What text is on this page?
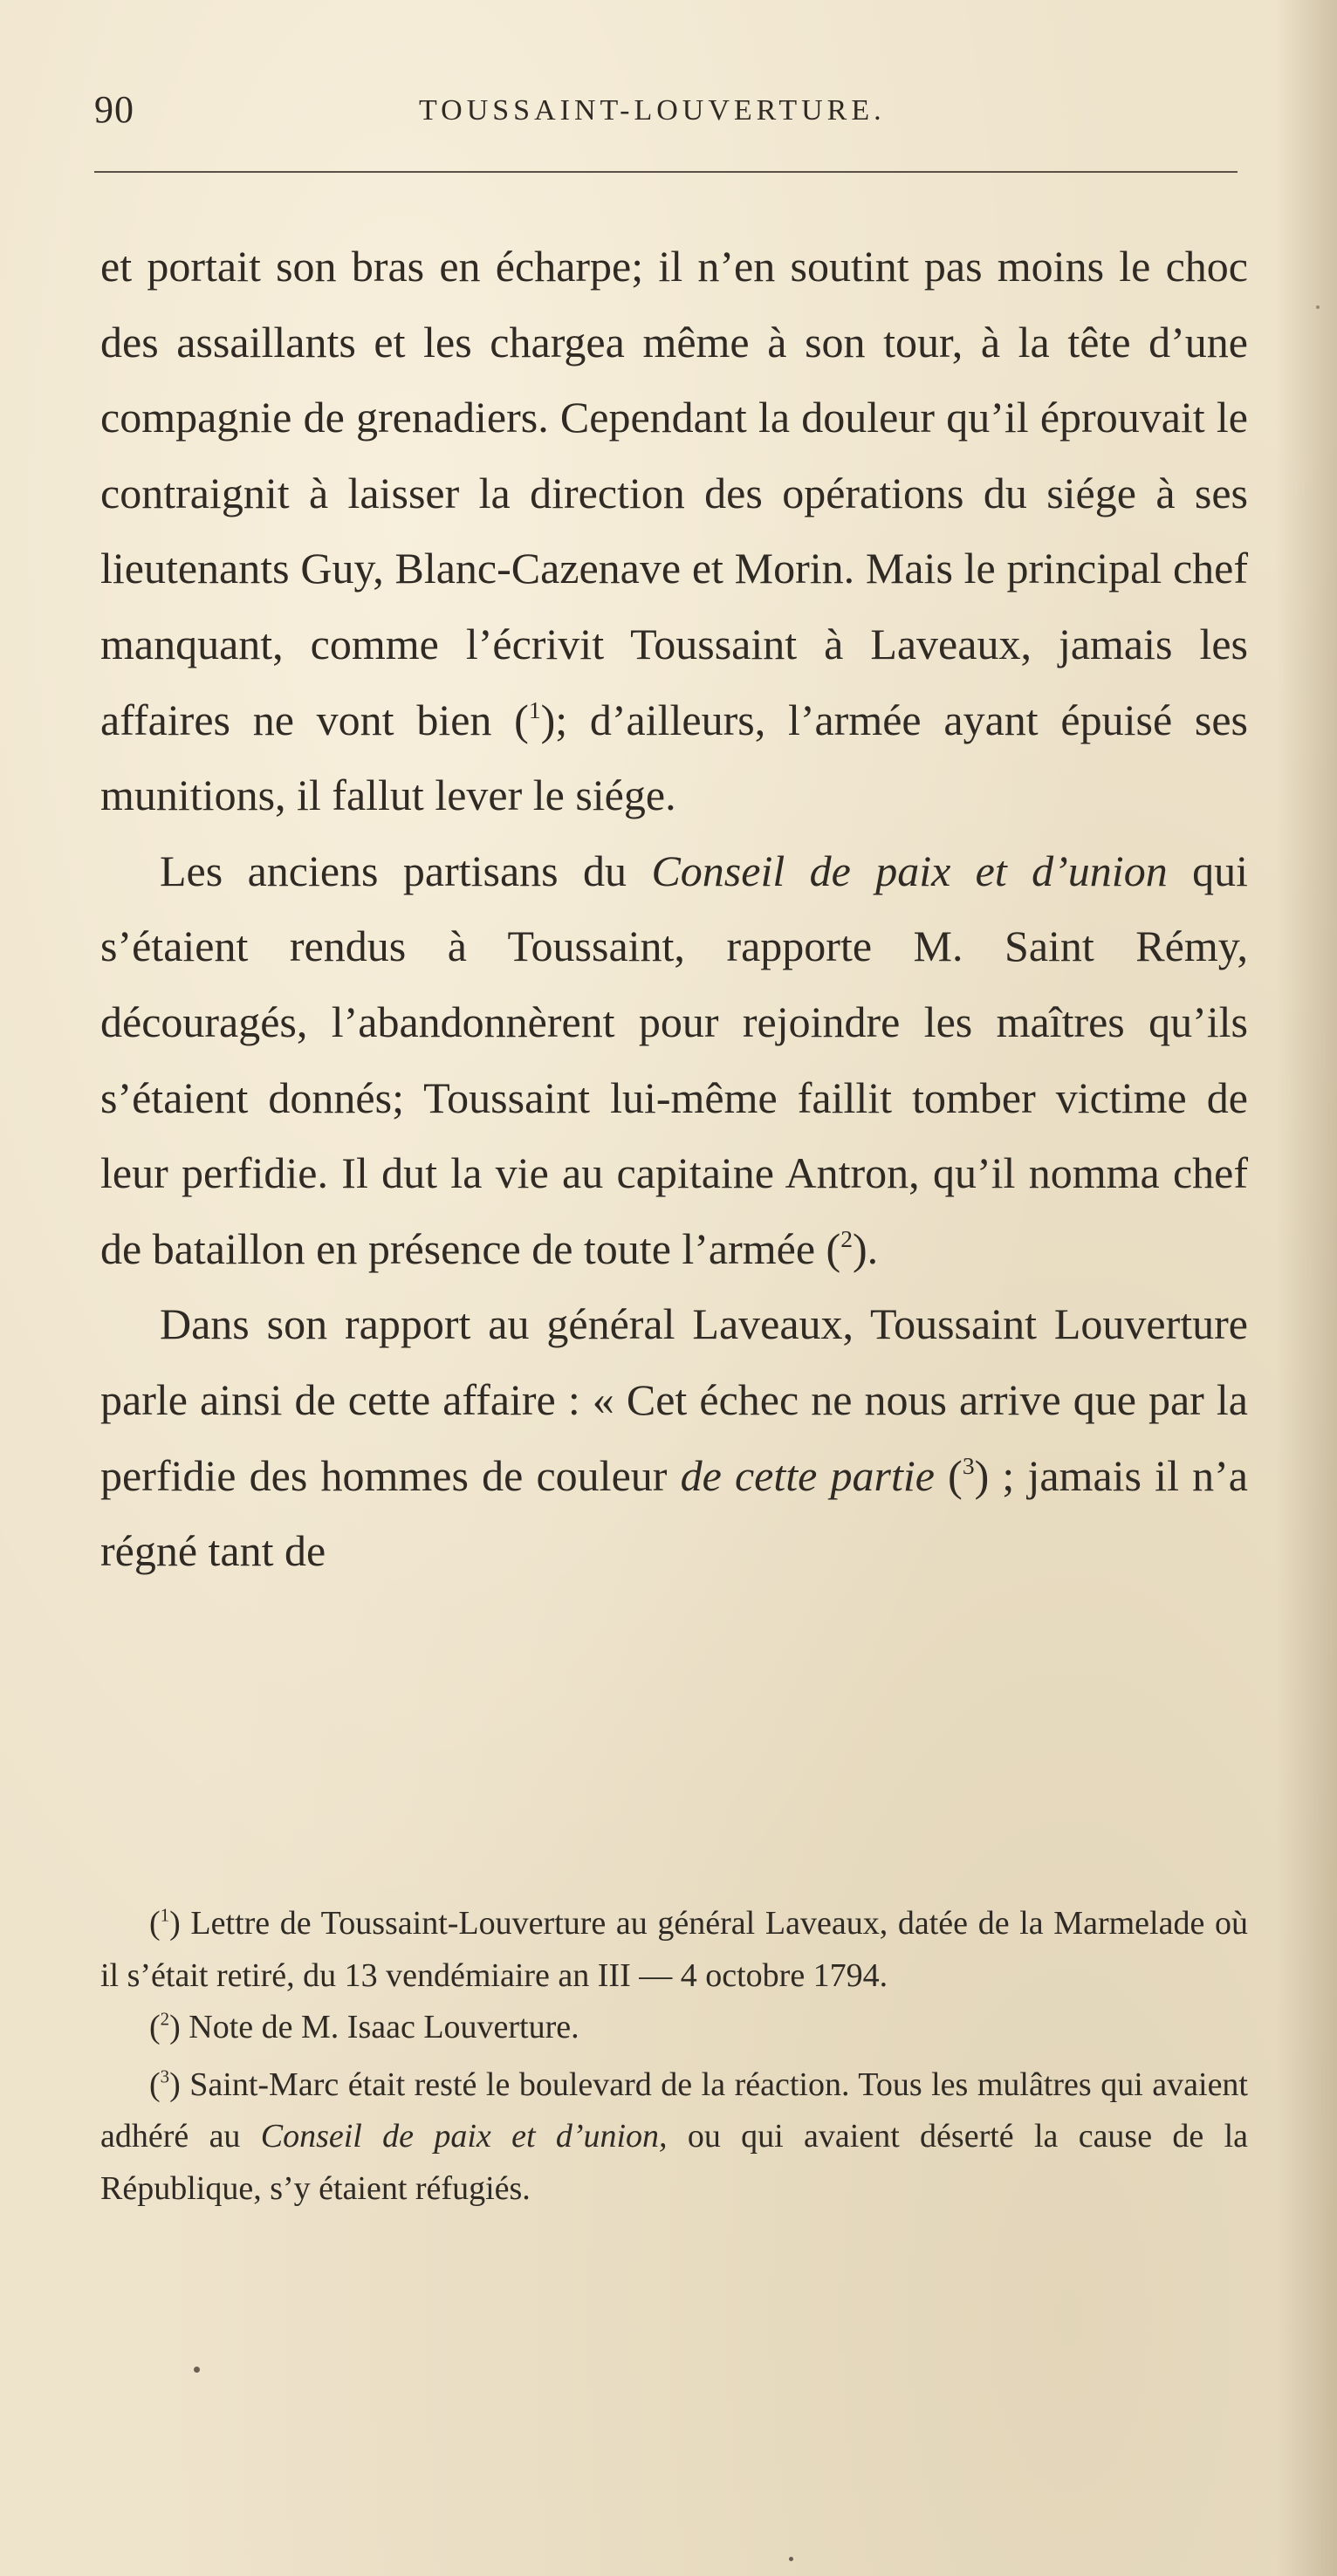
90	TOUSSAINT-LOUVERTURE.

et portait son bras en écharpe; il n’en soutint pas moins le choc des assaillants et les chargea même à son tour, à la tête d’une compagnie de grenadiers. Cependant la douleur qu’il éprouvait le contraignit à laisser la direction des opérations du siége à ses lieutenants Guy, Blanc-Cazenave et Morin. Mais le principal chef manquant, comme l’écrivit Toussaint à Laveaux, jamais les affaires ne vont bien ($^1$); d’ailleurs, l’armée ayant épuisé ses munitions, il fallut lever le siége.

Les anciens partisans du Conseil de paix et d’union qui s’étaient rendus à Toussaint, rapporte M. Saint Rémy, découragés, l’abandonnèrent pour rejoindre les maîtres qu’ils s’étaient donnés; Toussaint lui-même faillit tomber victime de leur perfidie. Il dut la vie au capitaine Antron, qu’il nomma chef de bataillon en présence de toute l’armée ($^2$).

Dans son rapport au général Laveaux, Toussaint Louverture parle ainsi de cette affaire : « Cet échec ne nous arrive que par la perfidie des hommes de couleur de cette partie ($^3$) ; jamais il n’a régné tant de

($^1$) Lettre de Toussaint-Louverture au général Laveaux, datée de la Marmelade où il s’était retiré, du 13 vendémiaire an III — 4 octobre 1794.

($^2$) Note de M. Isaac Louverture.

($^3$) Saint-Marc était resté le boulevard de la réaction. Tous les mulâtres qui avaient adhéré au Conseil de paix et d’union, ou qui avaient déserté la cause de la République, s’y étaient réfugiés.
